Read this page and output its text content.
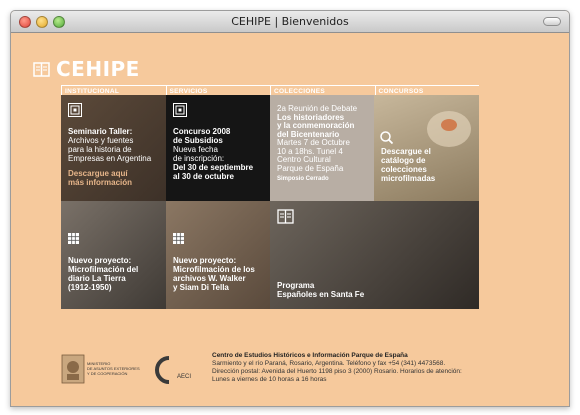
CEHIPE | Bienvenidos
CEHIPE
INSTITUCIONAL	SERVICIOS	COLECCIONES	CONCURSOS
Seminario Taller:
Archivos y fuentes
para la historia de
Empresas en Argentina
Descargue aquí
más información
Concurso 2008
de Subsidios
Nueva fecha
de inscripción:
Del 30 de septiembre
al 30 de octubre
2a Reunión de Debate
Los historiadores
y la conmemoración
del Bicentenario
Martes 7 de Octubre
10 a 18hs. Tunel 4
Centro Cultural
Parque de España
Simposio Cerrado
Descargue el
catálogo de
colecciones
microfilmadas
Nuevo proyecto:
Microfilmación del
diario La Tierra
(1912-1950)
Nuevo proyecto:
Microfilmación de los
archivos W. Walker
y Siam Di Tella	Programa
Españoles en Santa Fe
MINISTERIO
DE ASUNTOS EXTERIORES
Y DE COOPERACIÓN
AECI
Centro de Estudios Históricos e Información Parque de España
Sarmiento y el río Paraná, Rosario, Argentina. Teléfono y fax +54 (341) 4473568.
Dirección postal: Avenida del Huerto 1198 piso 3 (2000) Rosario. Horarios de atención:
Lunes a viernes de 10 horas a 16 horas
